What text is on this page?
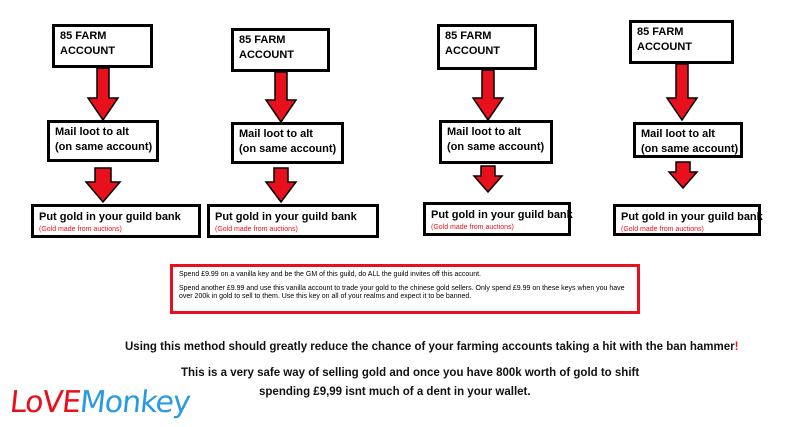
85 FARM
ACCOUNT
Mail loot to alt
(on same account)
Put gold in your guild bank
(Gold made from auctions)
85 FARM
ACCOUNT
Mail loot to alt
(on same account)
Put gold in your guild bank
(Gold made from auctions)
85 FARM
ACCOUNT
Mail loot to alt
(on same account)
Put gold in your guild bank
(Gold made from auctions)
85 FARM
ACCOUNT
Mail loot to alt
(on same account)
Put gold in your guild bank
(Gold made from auctions)

Spend £9.99 on a vanilla key and be the GM of this guild, do ALL the guild invites off this account.

Spend another £9.99 and use this vanilla account to trade your gold to the chinese gold sellers. Only spend £9.99 on these keys when you have over 200k in gold to sell to them. Use this key on all of your realms and expect it to be banned.

Using this method should greatly reduce the chance of your farming accounts taking a hit with the ban hammer!
This is a very safe way of selling gold and once you have 800k worth of gold to shift
spending £9,99 isnt much of a dent in your wallet.
LoVEMonkey
